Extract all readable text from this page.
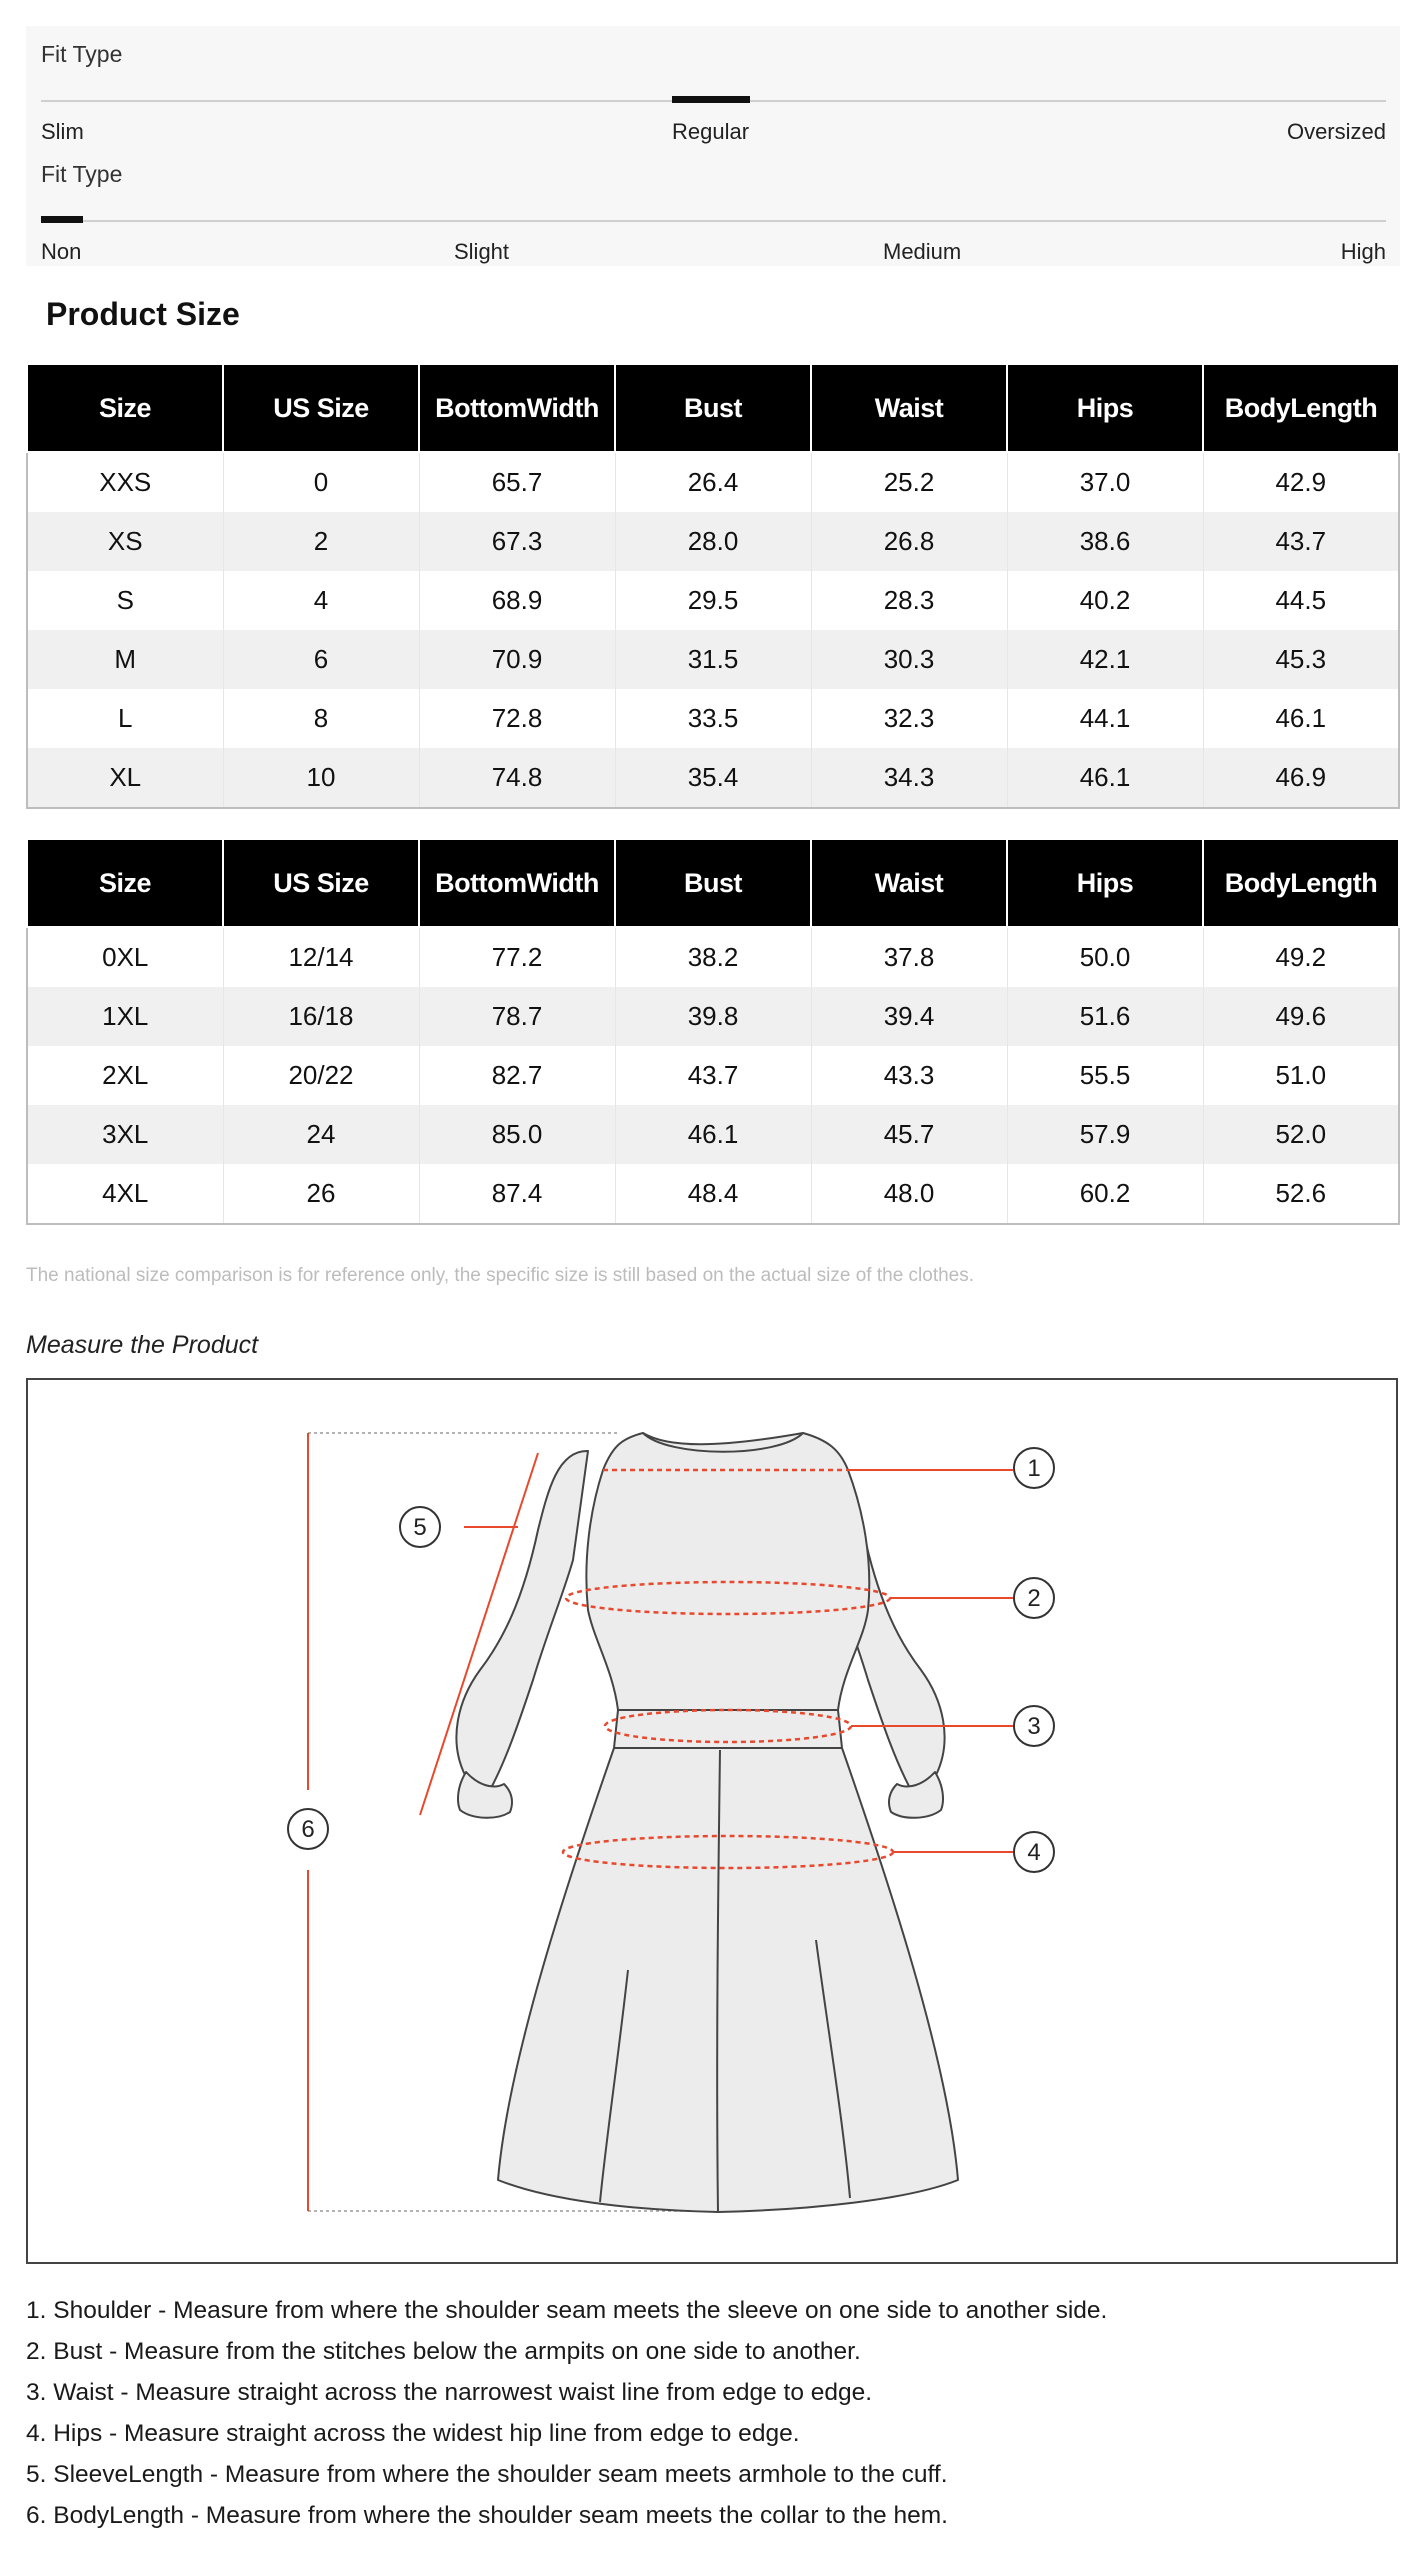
Fit Type
Slim	Regular	Oversized
Fit Type
Non	Slight	Medium	High
Product Size
Size	US Size	BottomWidth	Bust	Waist	Hips	BodyLength
XXS	0	65.7	26.4	25.2	37.0	42.9
XS	2	67.3	28.0	26.8	38.6	43.7
S	4	68.9	29.5	28.3	40.2	44.5
M	6	70.9	31.5	30.3	42.1	45.3
L	8	72.8	33.5	32.3	44.1	46.1
XL	10	74.8	35.4	34.3	46.1	46.9
Size	US Size	BottomWidth	Bust	Waist	Hips	BodyLength
0XL	12/14	77.2	38.2	37.8	50.0	49.2
1XL	16/18	78.7	39.8	39.4	51.6	49.6
2XL	20/22	82.7	43.7	43.3	55.5	51.0
3XL	24	85.0	46.1	45.7	57.9	52.0
4XL	26	87.4	48.4	48.0	60.2	52.6
The national size comparison is for reference only, the specific size is still based on the actual size of the clothes.
Measure the Product
1
2
3
4
5
6
1. Shoulder - Measure from where the shoulder seam meets the sleeve on one side to another side.
2. Bust - Measure from the stitches below the armpits on one side to another.
3. Waist - Measure straight across the narrowest waist line from edge to edge.
4. Hips - Measure straight across the widest hip line from edge to edge.
5. SleeveLength - Measure from where the shoulder seam meets armhole to the cuff.
6. BodyLength - Measure from where the shoulder seam meets the collar to the hem.
